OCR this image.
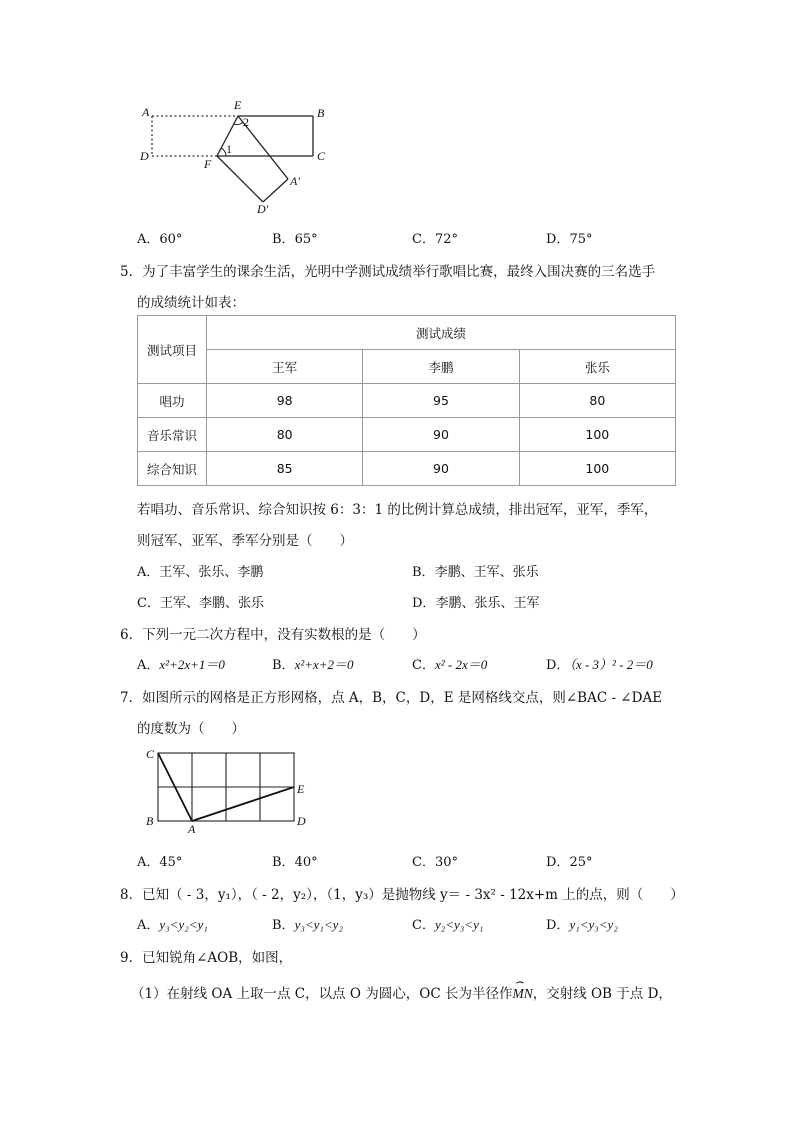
A	E
B
D
F
C
A′
D′
1
2
A．60°	B．65°	C．72°	D．75°
5．为了丰富学生的课余生活，光明中学测试成绩举行歌唱比赛，最终入围决赛的三名选手
的成绩统计如表：
测试项目	测试成绩		
	王军	李鹏	张乐
唱功	98	95	80
音乐常识	80	90	100
综合知识	85	90	100
若唱功、音乐常识、综合知识按 6：3：1 的比例计算总成绩，排出冠军，亚军，季军，
则冠军、亚军、季军分别是（　　）
A．王军、张乐、李鹏	B．李鹏、王军、张乐
C．王军、李鹏、张乐	D．李鹏、张乐、王军
6．下列一元二次方程中，没有实数根的是（　　）
A．x²+2x+1＝0	B．x²+x+2＝0	C．x² - 2x＝0	D．（x - 3）² - 2＝0
7．如图所示的网格是正方形网格，点 A，B，C，D，E 是网格线交点，则∠BAC - ∠DAE
的度数为（　　）
C
E
B
A
D
A．45°	B．40°	C．30°	D．25°
8．已知（ - 3，y₁），（ - 2，y₂），（1，y₃）是抛物线 y＝ - 3x² - 12x+m 上的点，则（　　）
A．y₃<y₂<y₁	B．y₃<y₁<y₂	C．y₂<y₃<y₁	D．y₁<y₃<y₂
9．已知锐角∠AOB，如图，
（1）在射线 OA 上取一点 C，以点 O 为圆心，OC 长为半径作⌢ MN，交射线 OB 于点 D，
